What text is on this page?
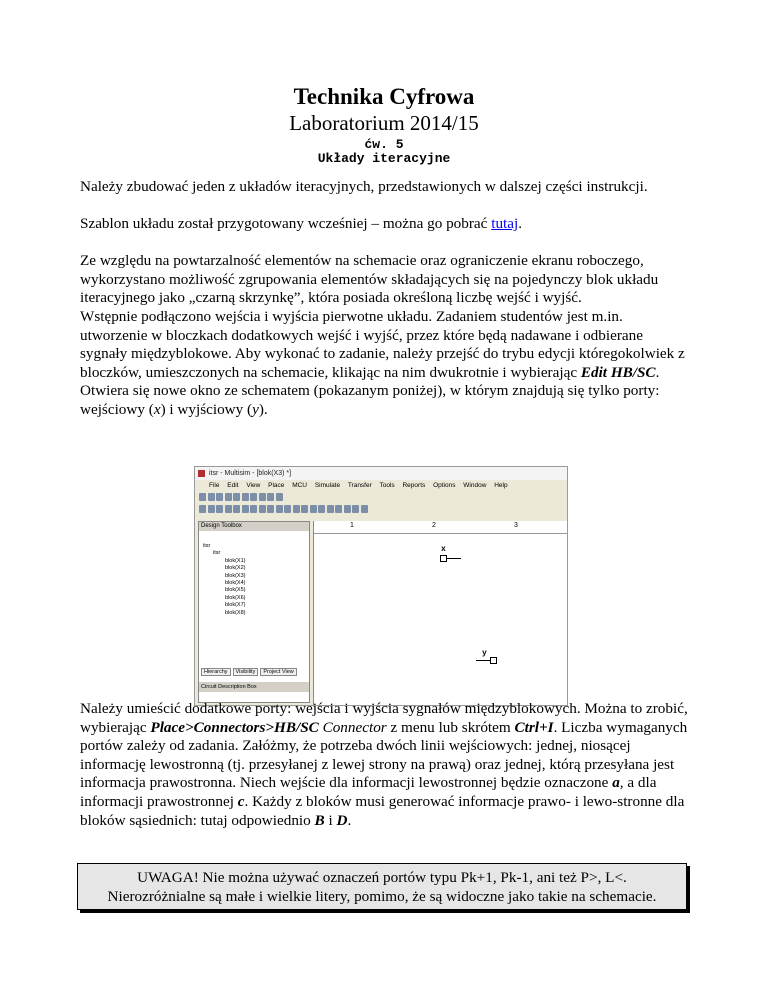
Technika Cyfrowa
Laboratorium 2014/15
ćw. 5
Układy iteracyjne

Należy zbudować jeden z układów iteracyjnych, przedstawionych w dalszej części instrukcji.

Szablon układu został przygotowany wcześniej – można go pobrać tutaj.

Ze względu na powtarzalność elementów na schemacie oraz ograniczenie ekranu roboczego, wykorzystano możliwość zgrupowania elementów składających się na pojedynczy blok układu iteracyjnego jako „czarną skrzynkę”, która posiada określoną liczbę wejść i wyjść.

Wstępnie podłączono wejścia i wyjścia pierwotne układu. Zadaniem studentów jest m.in. utworzenie w bloczkach dodatkowych wejść i wyjść, przez które będą nadawane i odbierane sygnały międzyblokowe. Aby wykonać to zadanie, należy przejść do trybu edycji któregokolwiek z bloczków, umieszczonych na schemacie, klikając na nim dwukrotnie i wybierając Edit HB/SC. Otwiera się nowe okno ze schematem (pokazanym poniżej), w którym znajdują się tylko porty: wejściowy (x) i wyjściowy (y).

itsr - Multisim - [blok(X3) *]
File Edit View Place MCU Simulate Transfer Tools Reports Options Window Help
Design Toolbox
itsr
itsr
blok(X1)
blok(X2)
blok(X3)
blok(X4)
blok(X5)
blok(X6)
blok(X7)
blok(X8)
Hierarchy	Visibility	Project View
Circuit Description Box
1	2	3
x
y

Należy umieścić dodatkowe porty: wejścia i wyjścia sygnałów międzyblokowych. Można to zrobić, wybierając Place>Connectors>HB/SC Connector z menu lub skrótem Ctrl+I. Liczba wymaganych portów zależy od zadania. Załóżmy, że potrzeba dwóch linii wejściowych: jednej, niosącej informację lewostronną (tj. przesyłanej z lewej strony na prawą) oraz jednej, którą przesyłana jest informacja prawostronna. Niech wejście dla informacji lewostronnej będzie oznaczone a, a dla informacji prawostronnej c. Każdy z bloków musi generować informacje prawo- i lewo-stronne dla bloków sąsiednich: tutaj odpowiednio B i D.

UWAGA! Nie można używać oznaczeń portów typu Pk+1, Pk-1, ani też P>, L<.
Nierozróżnialne są małe i wielkie litery, pomimo, że są widoczne jako takie na schemacie.
